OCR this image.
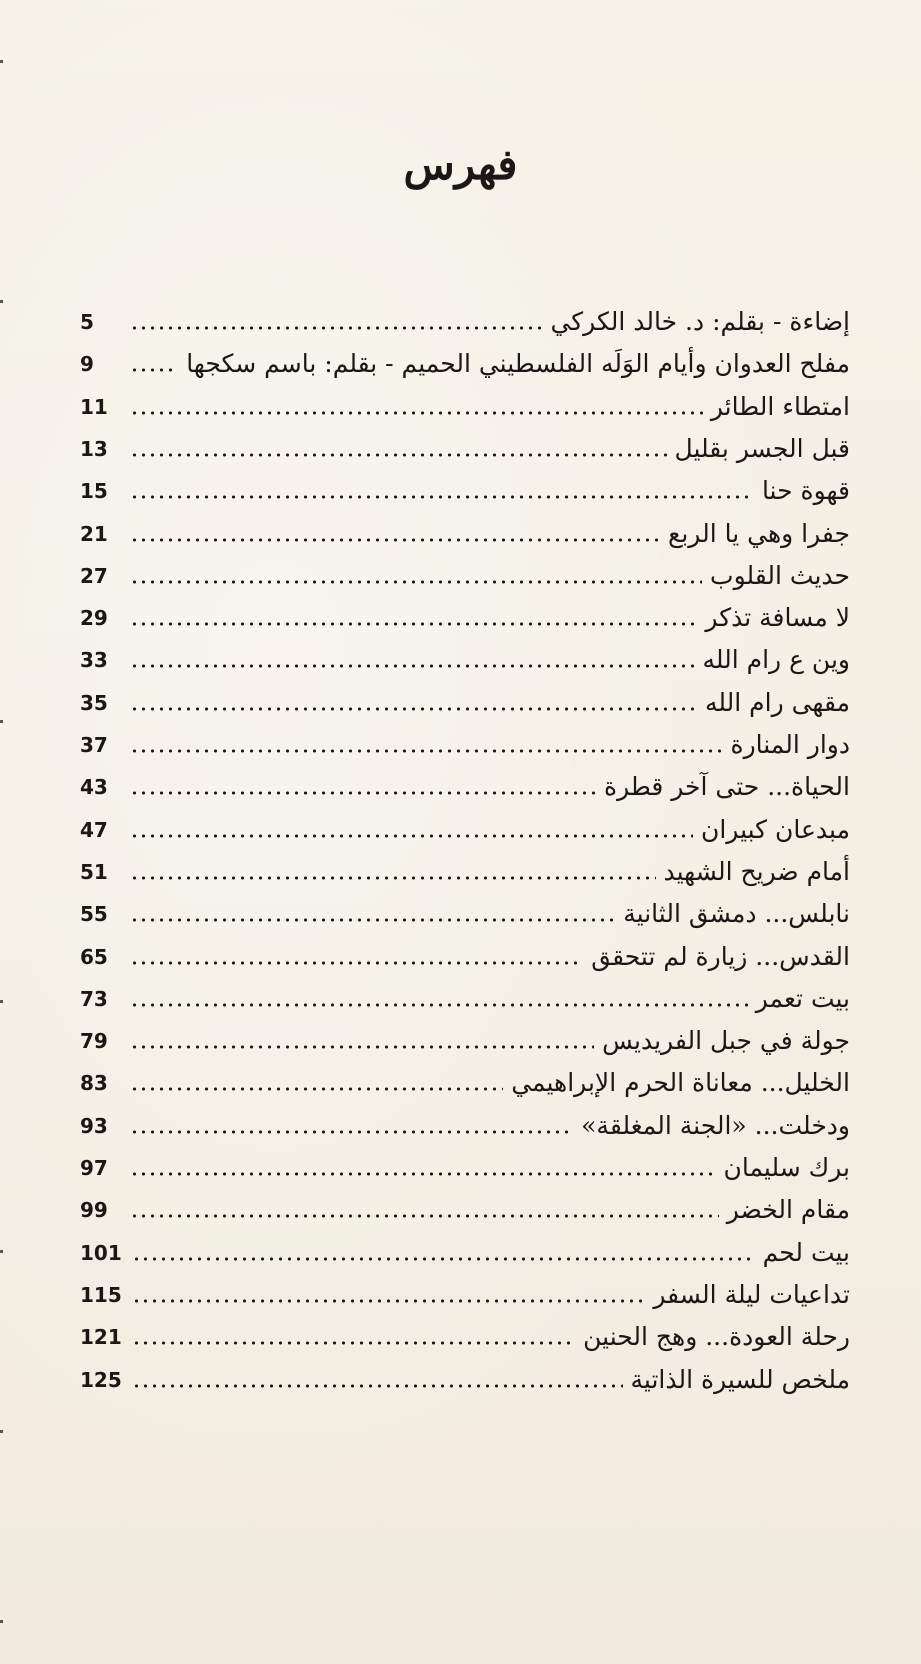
فهرس
إضاءة - بقلم: د. خالد الكركي
5
مفلح العدوان وأيام الوَلَه الفلسطيني الحميم - بقلم: باسم سكجها
9
امتطاء الطائر
11
قبل الجسر بقليل
13
قهوة حنا
15
جفرا وهي يا الربع
21
حديث القلوب
27
لا مسافة تذكر
29
وين ع رام الله
33
مقهى رام الله
35
دوار المنارة
37
الحياة... حتى آخر قطرة
43
مبدعان كبيران
47
أمام ضريح الشهيد
51
نابلس... دمشق الثانية
55
القدس... زيارة لم تتحقق
65
بيت تعمر
73
جولة في جبل الفريديس
79
الخليل... معاناة الحرم الإبراهيمي
83
ودخلت... «الجنة المغلقة»
93
برك سليمان
97
مقام الخضر
99
بيت لحم
101
تداعيات ليلة السفر
115
رحلة العودة... وهج الحنين
121
ملخص للسيرة الذاتية
125
